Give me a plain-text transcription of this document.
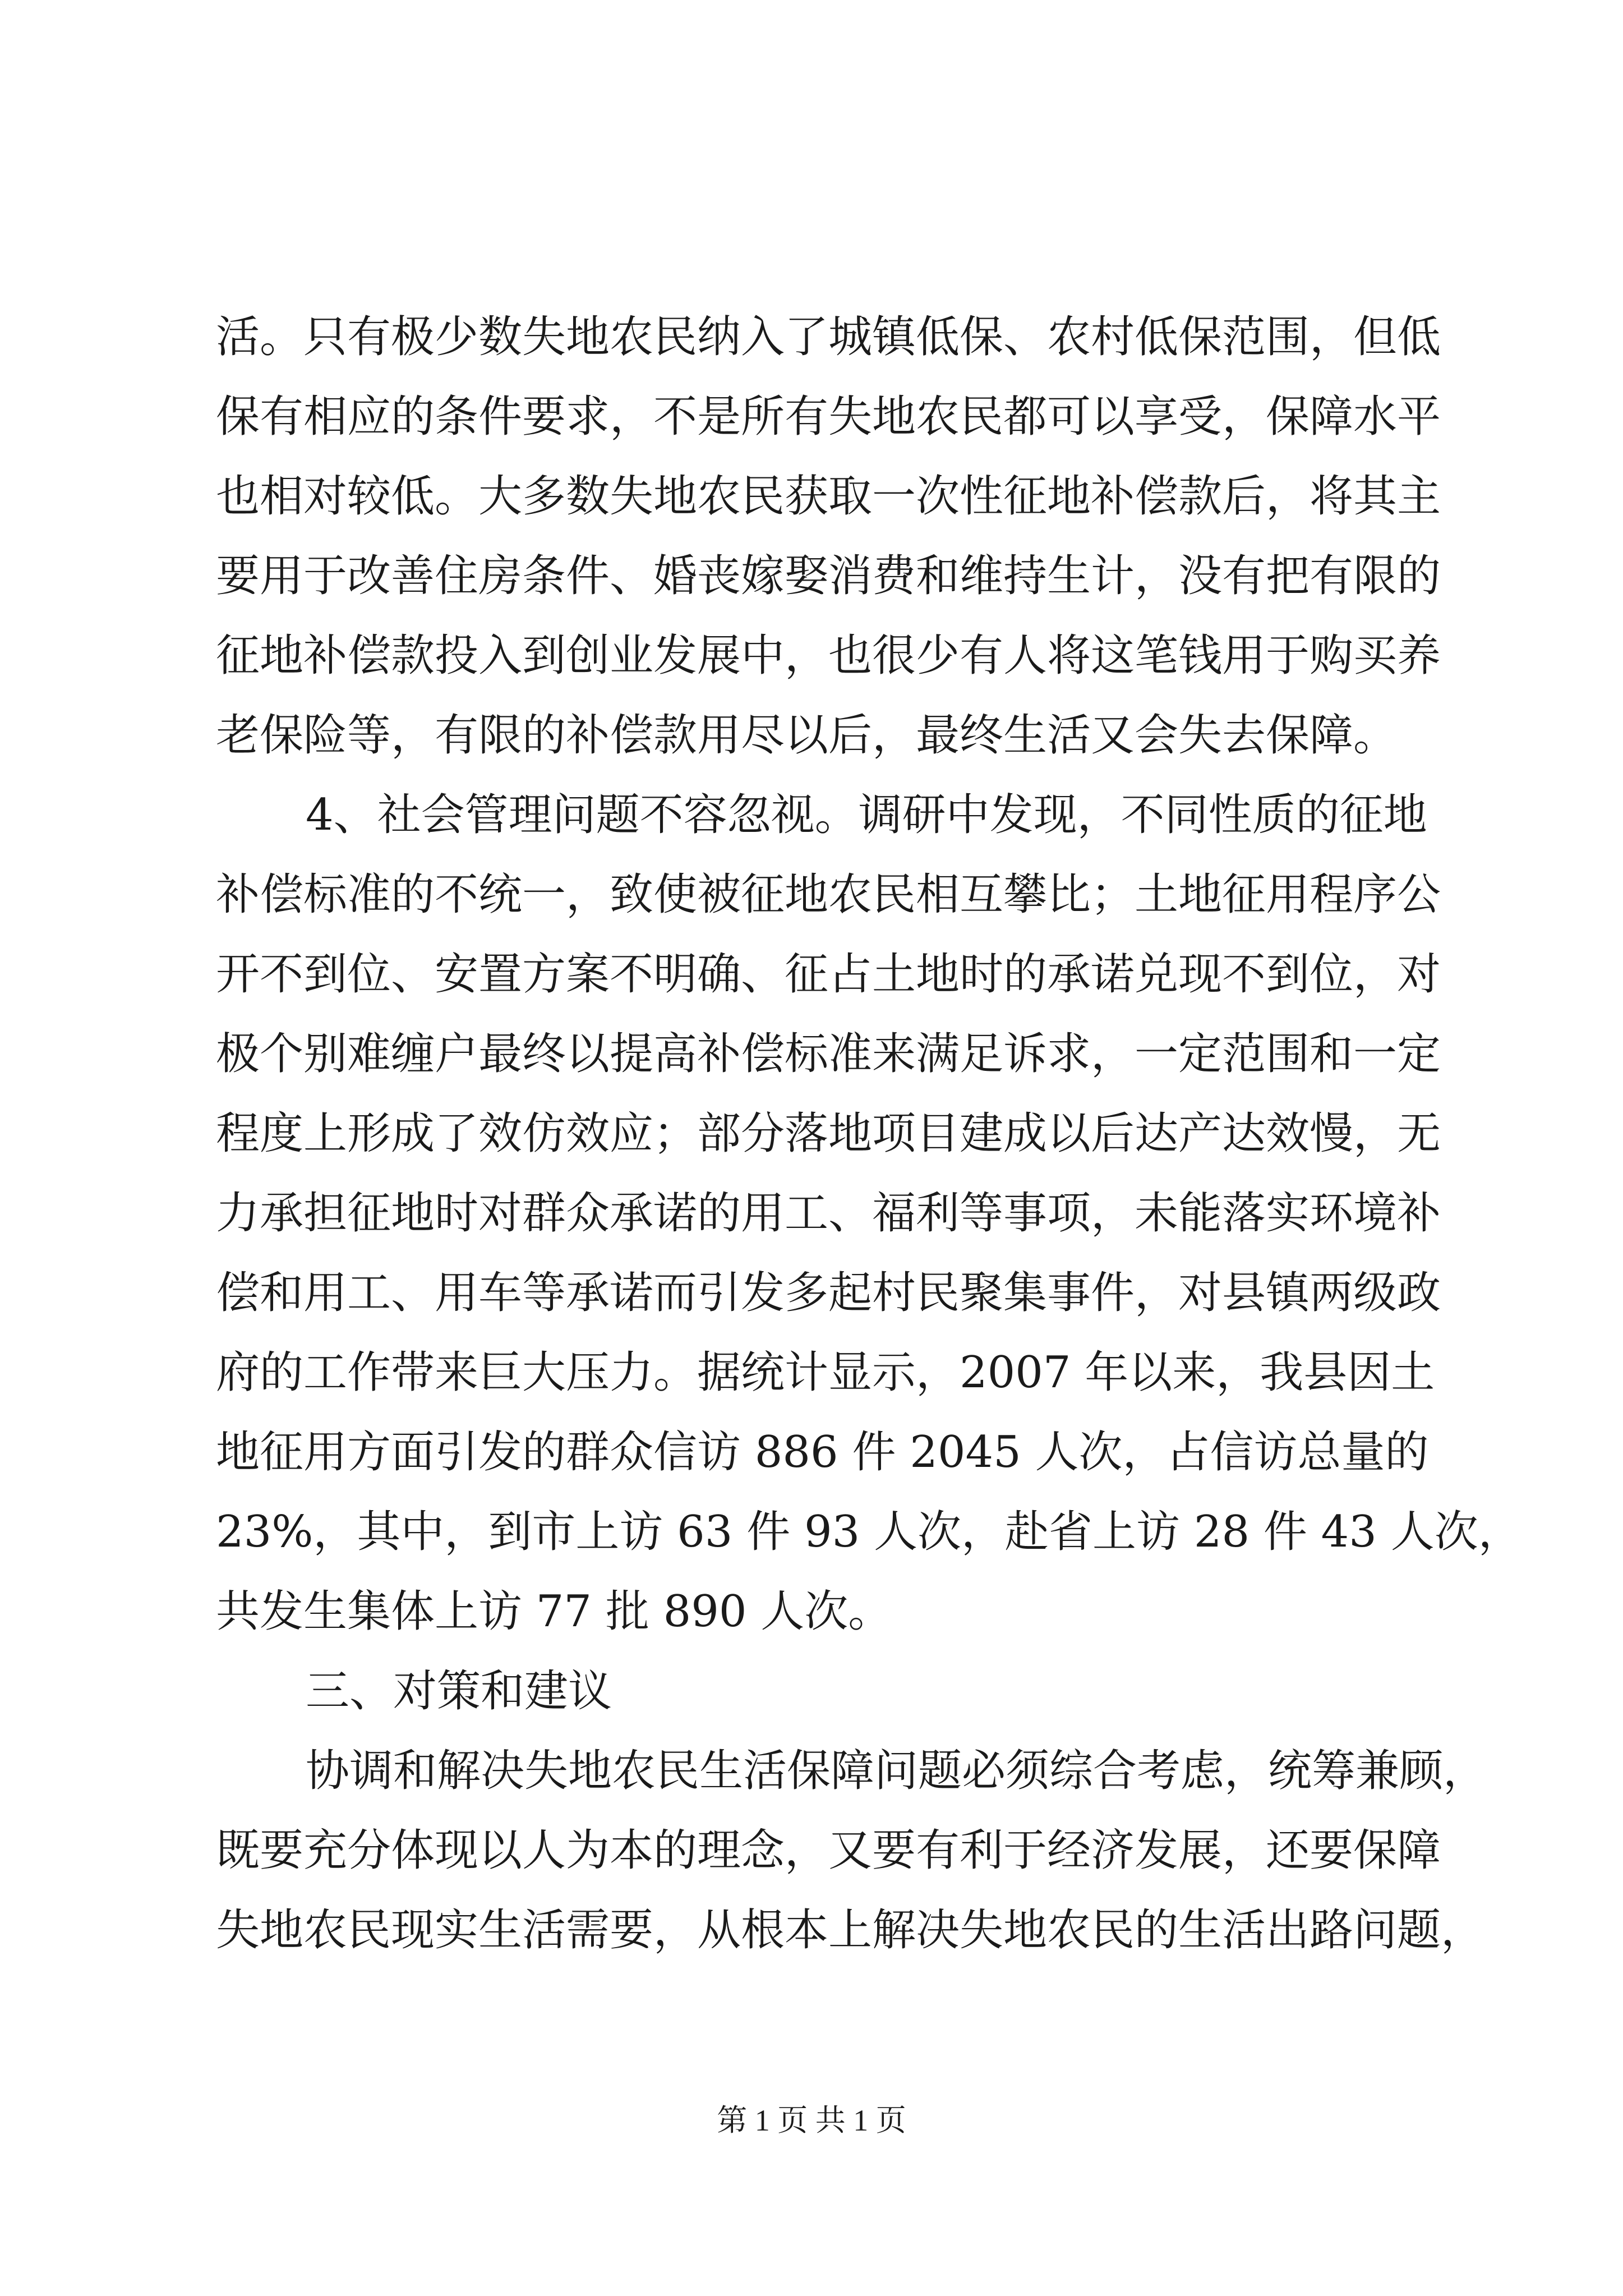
活。只有极少数失地农民纳入了城镇低保、农村低保范围，但低
保有相应的条件要求，不是所有失地农民都可以享受，保障水平
也相对较低。大多数失地农民获取一次性征地补偿款后，将其主
要用于改善住房条件、婚丧嫁娶消费和维持生计，没有把有限的
征地补偿款投入到创业发展中，也很少有人将这笔钱用于购买养
老保险等，有限的补偿款用尽以后，最终生活又会失去保障。
4、社会管理问题不容忽视。调研中发现，不同性质的征地
补偿标准的不统一，致使被征地农民相互攀比；土地征用程序公
开不到位、安置方案不明确、征占土地时的承诺兑现不到位，对
极个别难缠户最终以提高补偿标准来满足诉求，一定范围和一定
程度上形成了效仿效应；部分落地项目建成以后达产达效慢，无
力承担征地时对群众承诺的用工、福利等事项，未能落实环境补
偿和用工、用车等承诺而引发多起村民聚集事件，对县镇两级政
府的工作带来巨大压力。据统计显示，2007 年以来，我县因土
地征用方面引发的群众信访 886 件 2045 人次，占信访总量的
23%，其中，到市上访 63 件 93 人次，赴省上访 28 件 43 人次，
共发生集体上访 77 批 890 人次。
三、对策和建议
协调和解决失地农民生活保障问题必须综合考虑，统筹兼顾，
既要充分体现以人为本的理念，又要有利于经济发展，还要保障
失地农民现实生活需要，从根本上解决失地农民的生活出路问题，
第 1 页 共 1 页
